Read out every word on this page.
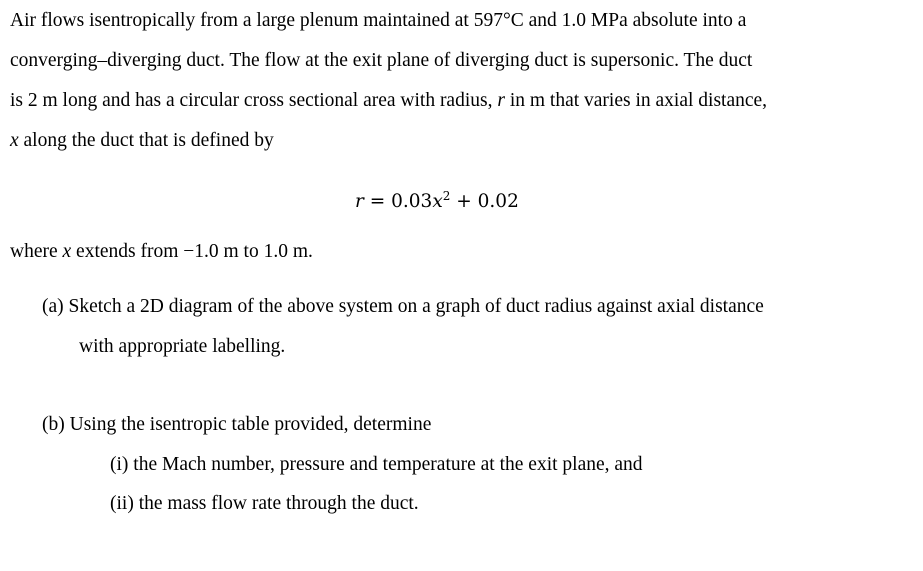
Air flows isentropically from a large plenum maintained at 597°C and 1.0 MPa absolute into a
converging–diverging duct. The flow at the exit plane of diverging duct is supersonic. The duct
is 2 m long and has a circular cross sectional area with radius, r in m that varies in axial distance,
x along the duct that is defined by
$r = 0.03x^2 + 0.02$
where x extends from −1.0 m to 1.0 m.
(a) Sketch a 2D diagram of the above system on a graph of duct radius against axial distance
with appropriate labelling.
(b) Using the isentropic table provided, determine
(i) the Mach number, pressure and temperature at the exit plane, and
(ii) the mass flow rate through the duct.
